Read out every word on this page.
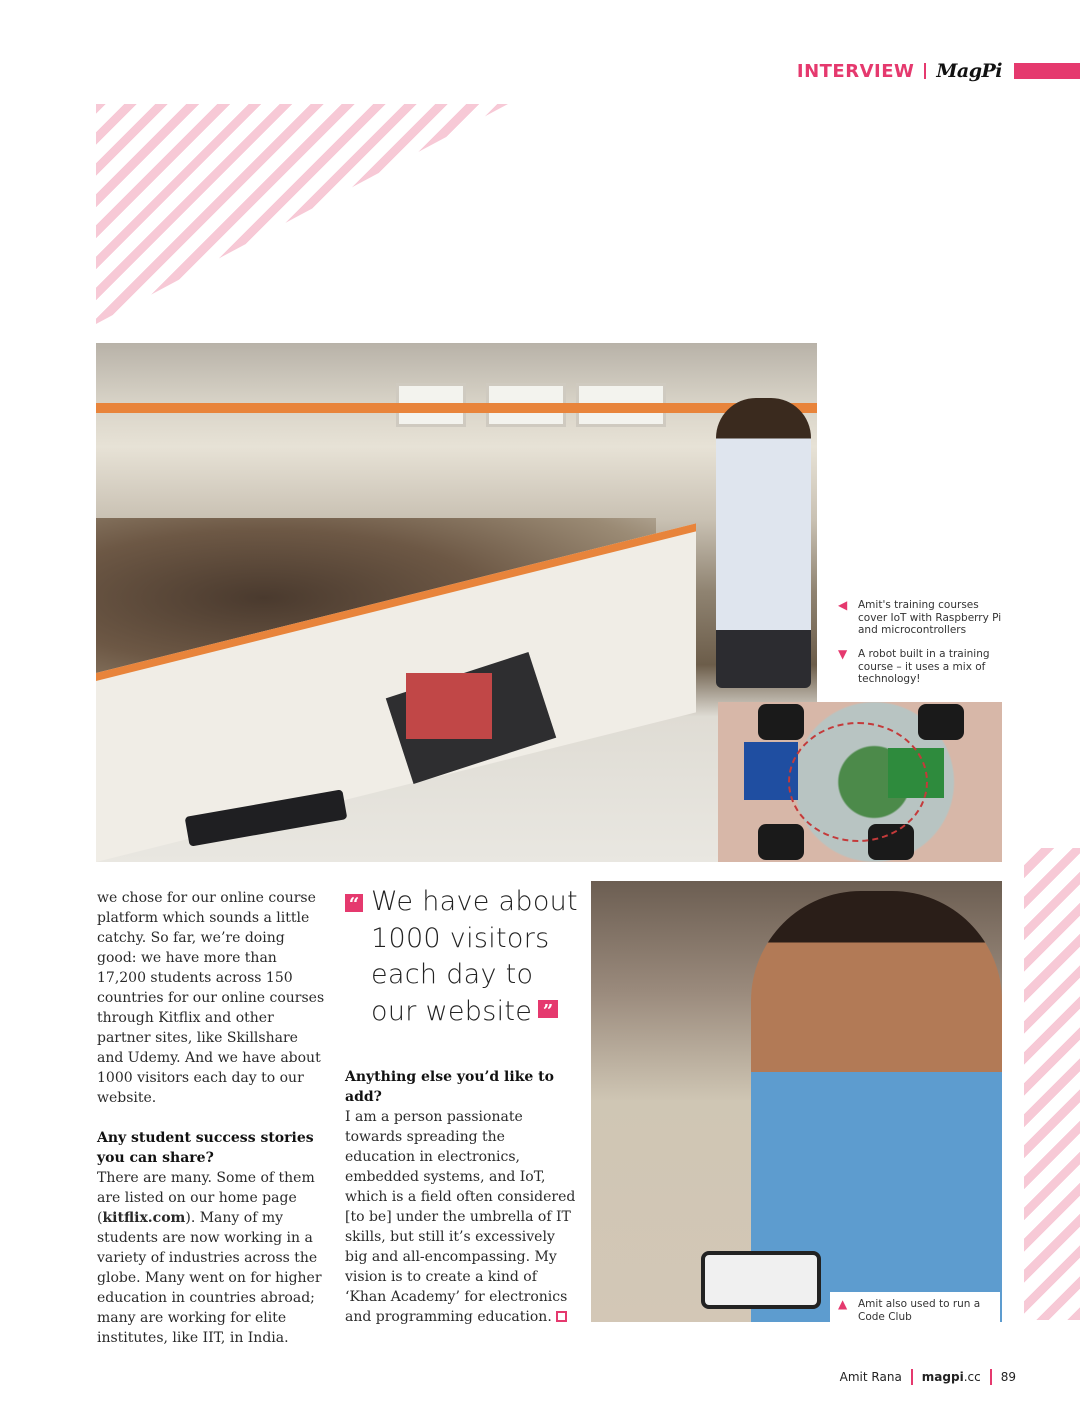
INTERVIEW MagPi
◀ Amit's training courses cover IoT with Raspberry Pi and microcontrollers
▼ A robot built in a training course – it uses a mix of technology!
▲ Amit also used to run a Code Club

we chose for our online course platform which sounds a little catchy. So far, we’re doing good: we have more than 17,200 students across 150 countries for our online courses through Kitflix and other partner sites, like Skillshare and Udemy. And we have about 1000 visitors each day to our website.

Any student success stories you can share?

There are many. Some of them are listed on our home page (kitflix.com). Many of my students are now working in a variety of industries across the globe. Many went on for higher education in countries abroad; many are working for elite institutes, like IIT, in India.

“ We have about 1000 visitors each day to our website ”
Anything else you’d like to add?

I am a person passionate towards spreading the education in electronics, embedded systems, and IoT, which is a field often considered [to be] under the umbrella of IT skills, but still it’s excessively big and all-encompassing. My vision is to create a kind of ‘Khan Academy’ for electronics and programming education.

Amit Rana magpi.cc 89
